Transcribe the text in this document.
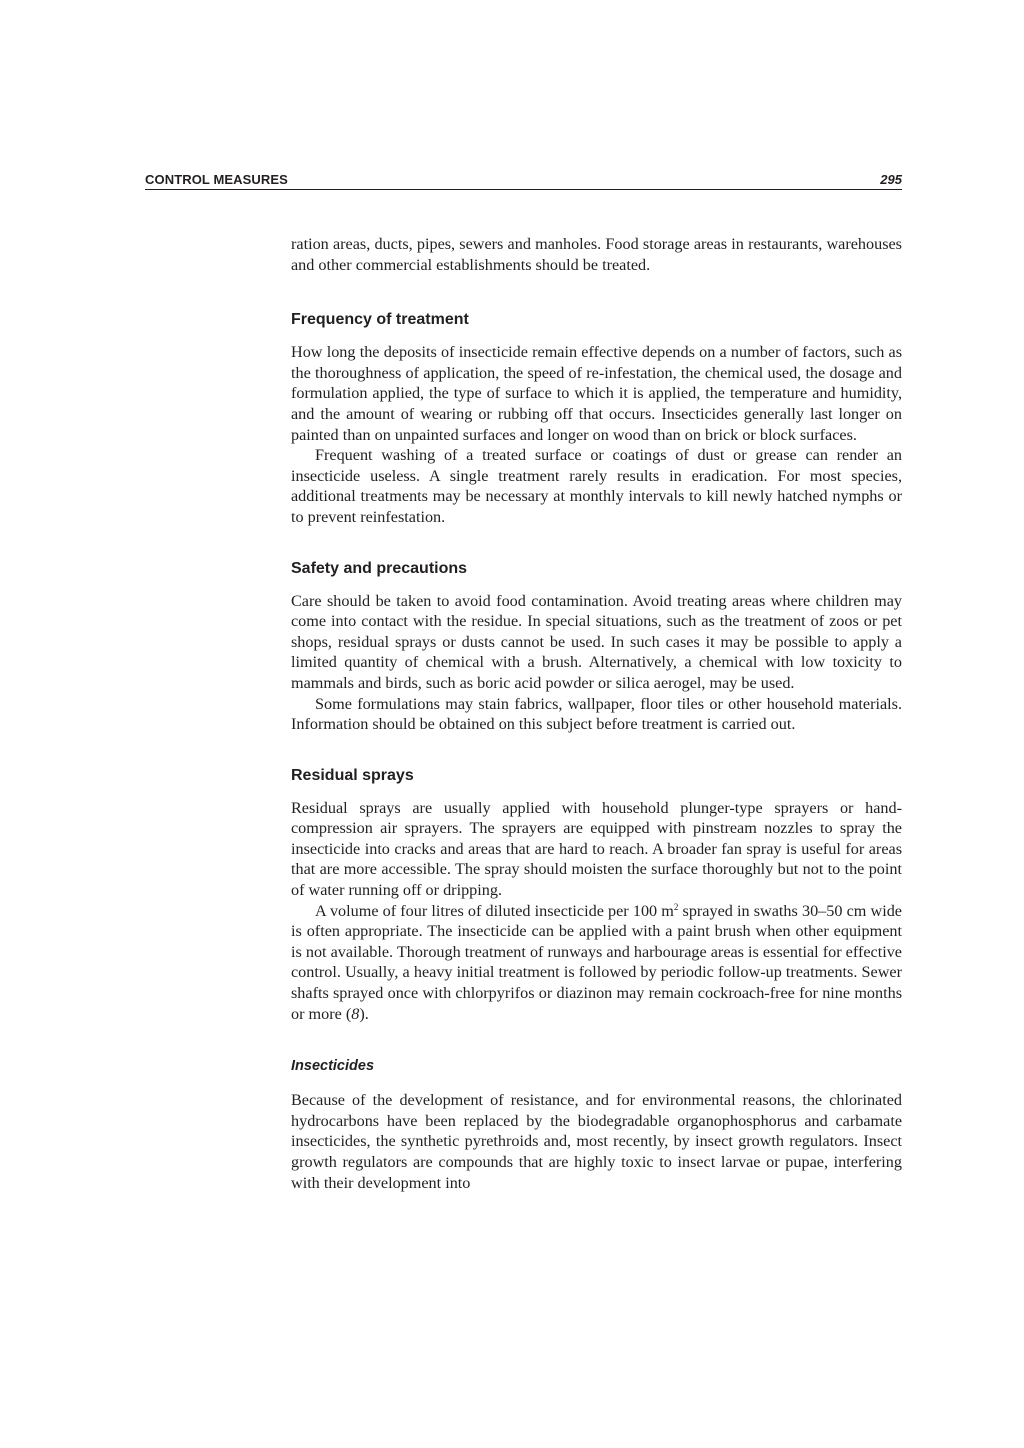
CONTROL MEASURES	295

ration areas, ducts, pipes, sewers and manholes. Food storage areas in restaurants, warehouses and other commercial establishments should be treated.

Frequency of treatment

How long the deposits of insecticide remain effective depends on a number of factors, such as the thoroughness of application, the speed of re-infestation, the chemical used, the dosage and formulation applied, the type of surface to which it is applied, the temperature and humidity, and the amount of wearing or rubbing off that occurs. Insecticides generally last longer on painted than on unpainted surfaces and longer on wood than on brick or block surfaces.

Frequent washing of a treated surface or coatings of dust or grease can render an insecticide useless. A single treatment rarely results in eradication. For most species, additional treatments may be necessary at monthly intervals to kill newly hatched nymphs or to prevent reinfestation.

Safety and precautions

Care should be taken to avoid food contamination. Avoid treating areas where children may come into contact with the residue. In special situations, such as the treatment of zoos or pet shops, residual sprays or dusts cannot be used. In such cases it may be possible to apply a limited quantity of chemical with a brush. Alternatively, a chemical with low toxicity to mammals and birds, such as boric acid powder or silica aerogel, may be used.

Some formulations may stain fabrics, wallpaper, floor tiles or other household materials. Information should be obtained on this subject before treatment is carried out.

Residual sprays

Residual sprays are usually applied with household plunger-type sprayers or hand-compression air sprayers. The sprayers are equipped with pinstream nozzles to spray the insecticide into cracks and areas that are hard to reach. A broader fan spray is useful for areas that are more accessible. The spray should moisten the surface thoroughly but not to the point of water running off or dripping.

A volume of four litres of diluted insecticide per 100 $m^2$ sprayed in swaths 30–50 cm wide is often appropriate. The insecticide can be applied with a paint brush when other equipment is not available. Thorough treatment of runways and harbourage areas is essential for effective control. Usually, a heavy initial treatment is followed by periodic follow-up treatments. Sewer shafts sprayed once with chlorpyrifos or diazinon may remain cockroach-free for nine months or more (8).

Insecticides

Because of the development of resistance, and for environmental reasons, the chlorinated hydrocarbons have been replaced by the biodegradable organophosphorus and carbamate insecticides, the synthetic pyrethroids and, most recently, by insect growth regulators. Insect growth regulators are compounds that are highly toxic to insect larvae or pupae, interfering with their development into
